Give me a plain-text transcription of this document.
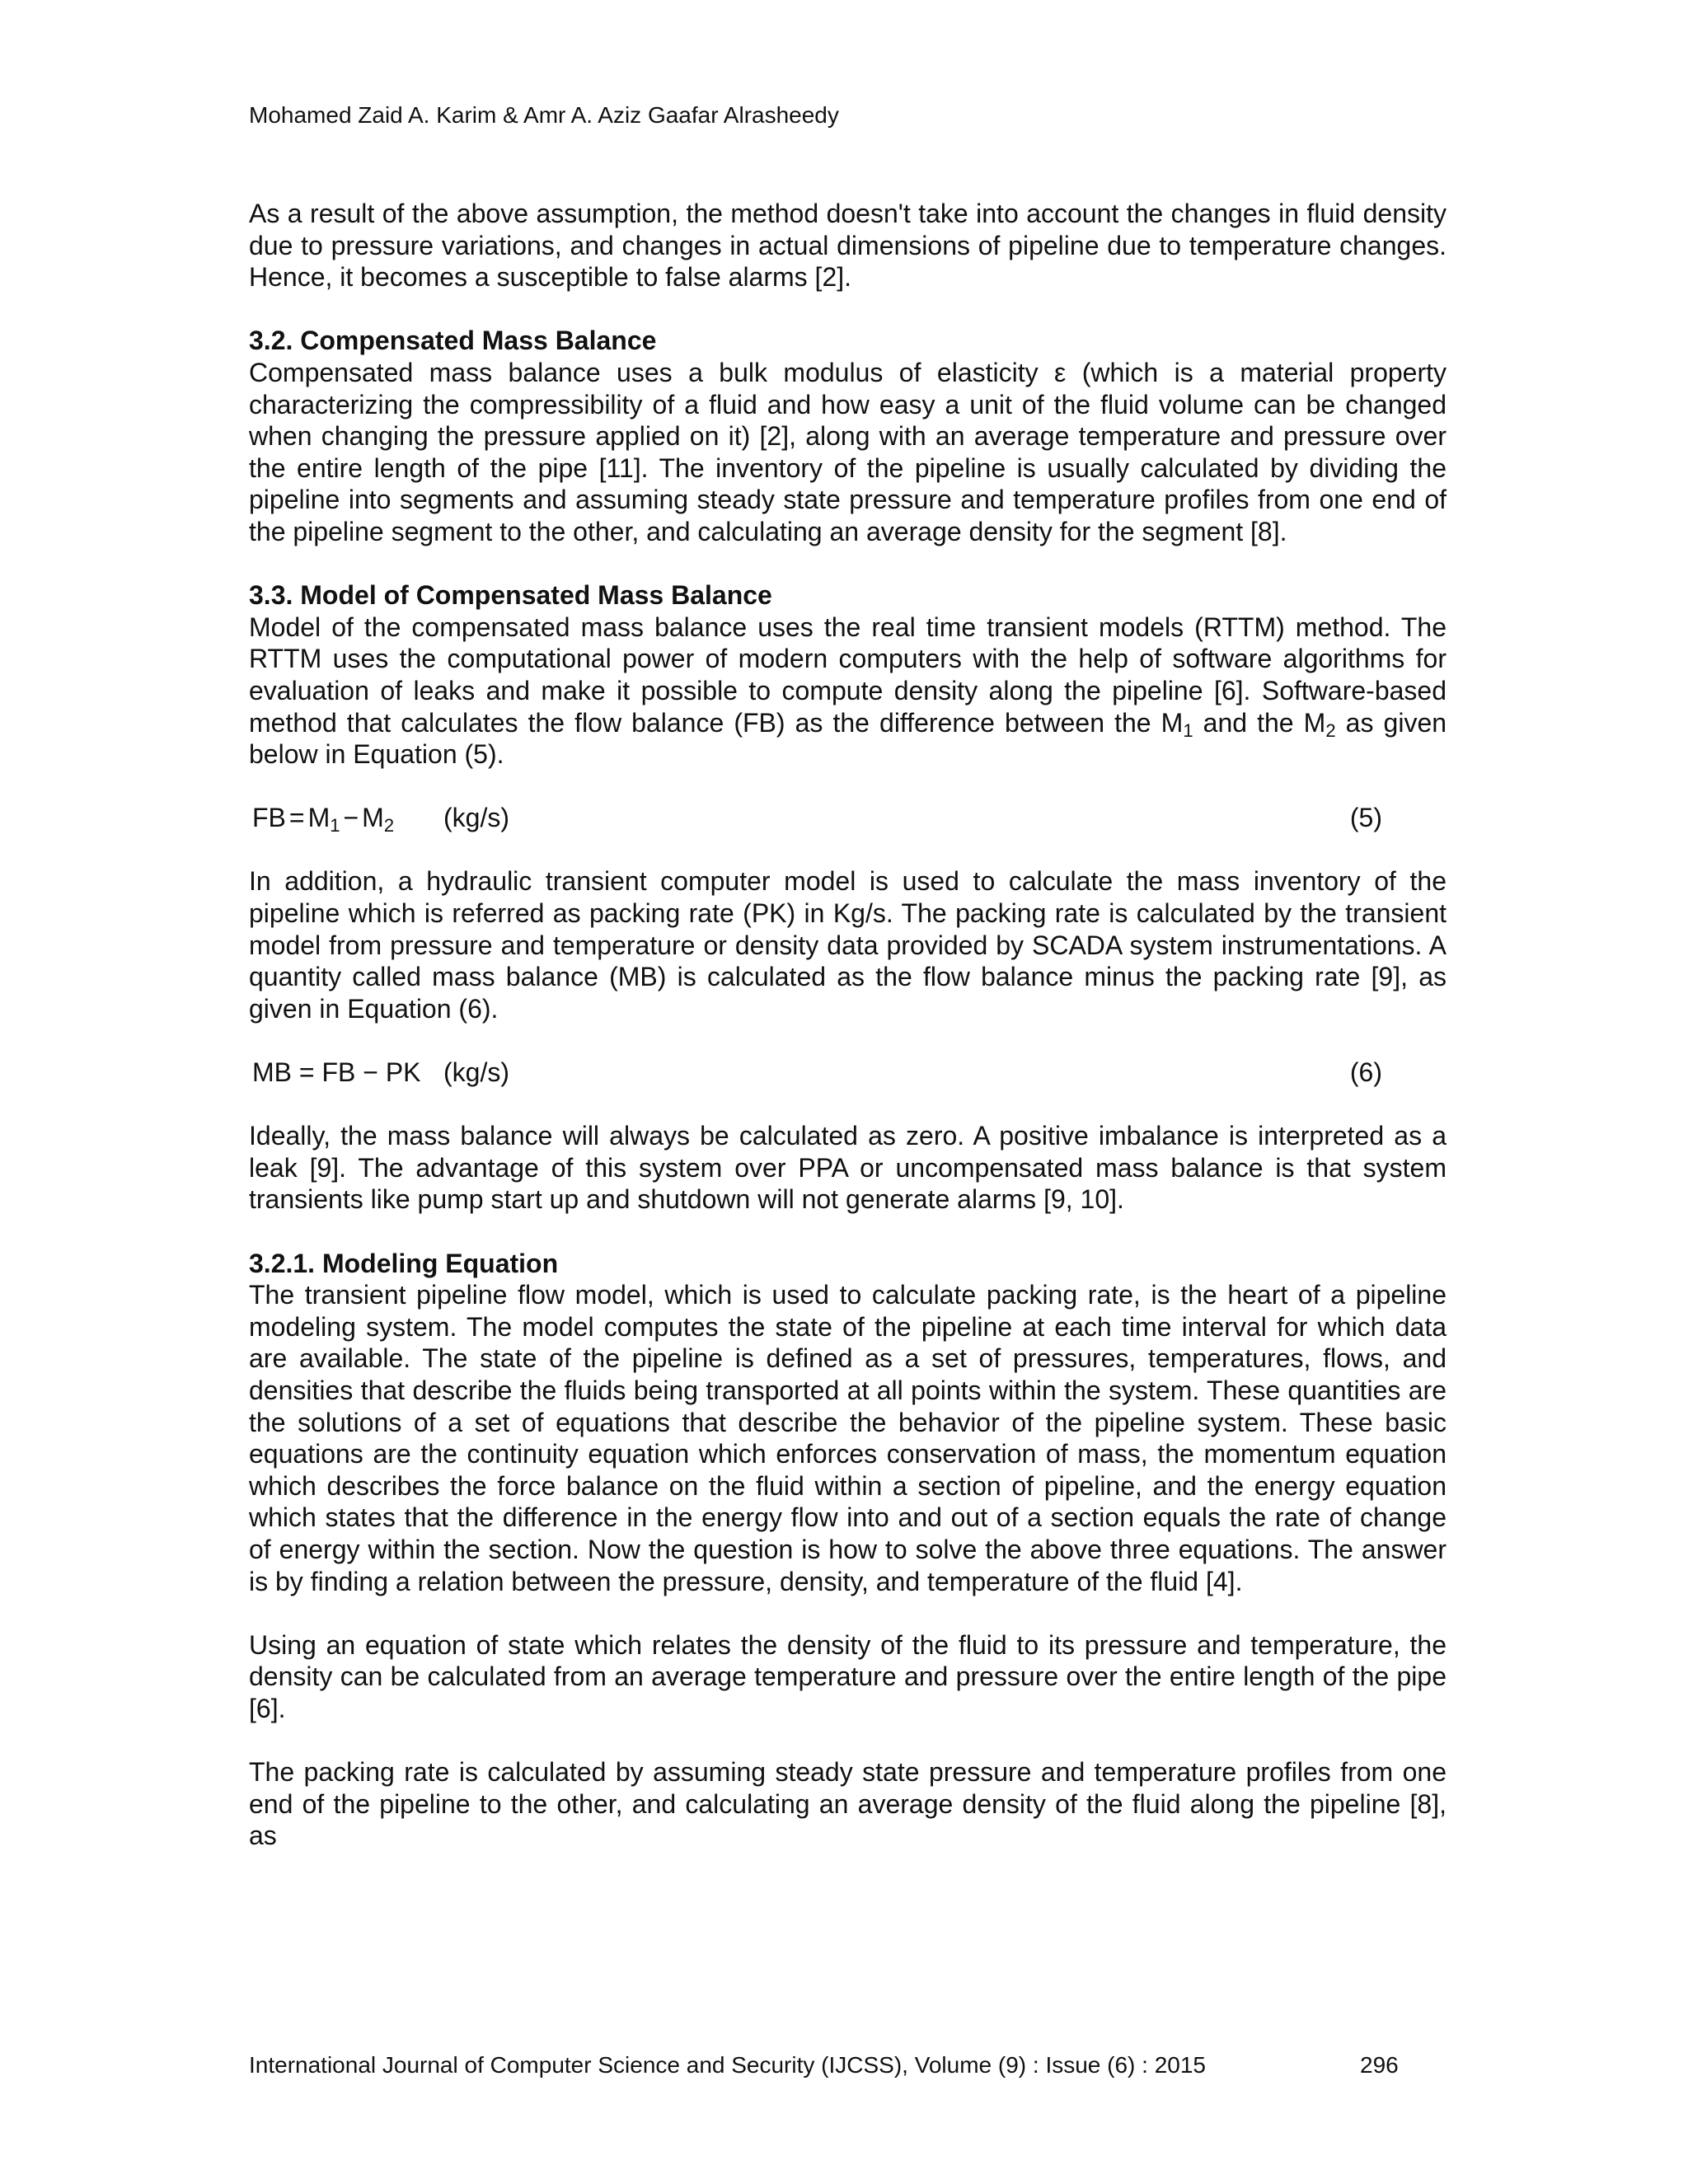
Mohamed Zaid A. Karim & Amr A. Aziz Gaafar Alrasheedy

As a result of the above assumption, the method doesn't take into account the changes in fluid density due to pressure variations, and changes in actual dimensions of pipeline due to temperature changes. Hence, it becomes a susceptible to false alarms [2].

3.2. Compensated Mass Balance

Compensated mass balance uses a bulk modulus of elasticity ε (which is a material property characterizing the compressibility of a fluid and how easy a unit of the fluid volume can be changed when changing the pressure applied on it) [2], along with an average temperature and pressure over the entire length of the pipe [11]. The inventory of the pipeline is usually calculated by dividing the pipeline into segments and assuming steady state pressure and temperature profiles from one end of the pipeline segment to the other, and calculating an average density for the segment [8].

3.3. Model of Compensated Mass Balance

Model of the compensated mass balance uses the real time transient models (RTTM) method. The RTTM uses the computational power of modern computers with the help of software algorithms for evaluation of leaks and make it possible to compute density along the pipeline [6]. Software-based method that calculates the flow balance (FB) as the difference between the $M_1$ and the $M_2$ as given below in Equation (5).

FB = $M_1 - M_2$ (kg/s)	(5)

In addition, a hydraulic transient computer model is used to calculate the mass inventory of the pipeline which is referred as packing rate (PK) in Kg/s. The packing rate is calculated by the transient model from pressure and temperature or density data provided by SCADA system instrumentations. A quantity called mass balance (MB) is calculated as the flow balance minus the packing rate [9], as given in Equation (6).

MB = FB − PK (kg/s)	(6)

Ideally, the mass balance will always be calculated as zero. A positive imbalance is interpreted as a leak [9]. The advantage of this system over PPA or uncompensated mass balance is that system transients like pump start up and shutdown will not generate alarms [9, 10].

3.2.1. Modeling Equation

The transient pipeline flow model, which is used to calculate packing rate, is the heart of a pipeline modeling system. The model computes the state of the pipeline at each time interval for which data are available. The state of the pipeline is defined as a set of pressures, temperatures, flows, and densities that describe the fluids being transported at all points within the system. These quantities are the solutions of a set of equations that describe the behavior of the pipeline system. These basic equations are the continuity equation which enforces conservation of mass, the momentum equation which describes the force balance on the fluid within a section of pipeline, and the energy equation which states that the difference in the energy flow into and out of a section equals the rate of change of energy within the section. Now the question is how to solve the above three equations. The answer is by finding a relation between the pressure, density, and temperature of the fluid [4].

Using an equation of state which relates the density of the fluid to its pressure and temperature, the density can be calculated from an average temperature and pressure over the entire length of the pipe [6].

The packing rate is calculated by assuming steady state pressure and temperature profiles from one end of the pipeline to the other, and calculating an average density of the fluid along the pipeline [8], as

International Journal of Computer Science and Security (IJCSS), Volume (9) : Issue (6) : 2015	296
